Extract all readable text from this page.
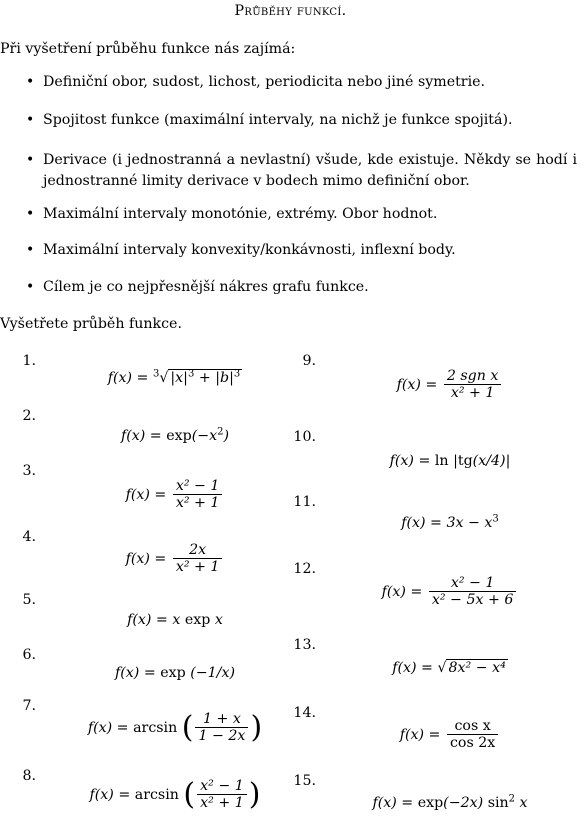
Průběhy funkcí.
Při vyšetření průběhu funkce nás zajímá:
• Definiční obor, sudost, lichost, periodicita nebo jiné symetrie.
• Spojitost funkce (maximální intervaly, na nichž je funkce spojitá).
• Derivace (i jednostranná a nevlastní) všude, kde existuje. Někdy se hodí i jednostranné limity derivace v bodech mimo definiční obor.
• Maximální intervaly monotónie, extrémy. Obor hodnot.
• Maximální intervaly konvexity/konkávnosti, inflexní body.
• Cílem je co nejpřesnější nákres grafu funkce.
Vyšetřete průběh funkce.
1.
f(x) = $^3$√ $|x|^3 + |b|^3$
2.
$f(x) = \exp(-x^2)$
3.
$f(x) = \frac{\text{x² − 1}}{\text{x² + 1}}$
4.
$f(x) = \frac{2x}{\text{x² + 1}}$
5.
f(x) = x exp x
6.
f(x) = exp (−1/x)
7.
f(x) = arcsin ( $\frac{1 + x}{1 - 2x}$ )
8.
f(x) = arcsin ( $\frac{\text{x² − 1}}{\text{x² + 1}}$ )
9.
$f(x) = \frac{\text{2 sgn x}}{\text{x² + 1}}$
10.
f(x) = ln |tg(x/4)|
11.
$f(x) = 3x - x^3$
12.
$f(x) = \frac{\text{x² − 1}}{\text{x² − 5x + 6}}$
13.
f(x) = √ 8x² − x⁴
14.
$f(x) = \frac{\text{cos x}}{\cos 2x}$
15.
f(x) = exp(−2x) $\sin^2 x$
